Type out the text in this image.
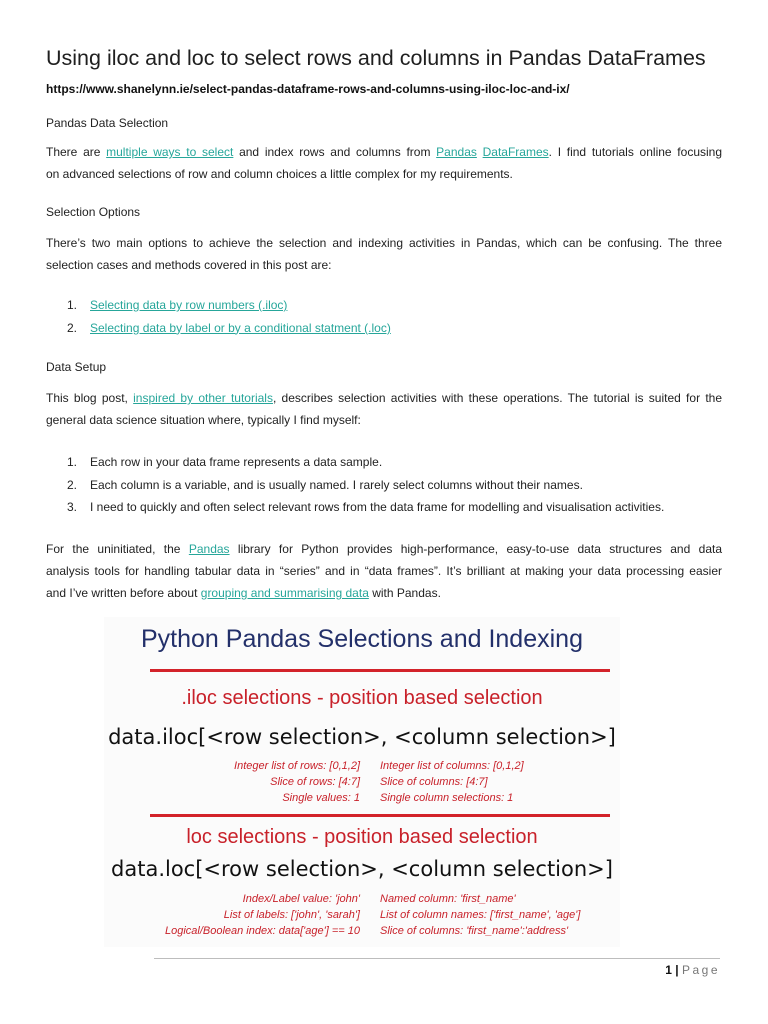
Using iloc and loc to select rows and columns in Pandas DataFrames
https://www.shanelynn.ie/select-pandas-dataframe-rows-and-columns-using-iloc-loc-and-ix/
Pandas Data Selection
There are multiple ways to select and index rows and columns from Pandas DataFrames. I find tutorials online focusing
on advanced selections of row and column choices a little complex for my requirements.
Selection Options
There’s two main options to achieve the selection and indexing activities in Pandas, which can be confusing. The three
selection cases and methods covered in this post are:
1. Selecting data by row numbers (.iloc)
2. Selecting data by label or by a conditional statment (.loc)
Data Setup
This blog post, inspired by other tutorials, describes selection activities with these operations. The tutorial is suited for the
general data science situation where, typically I find myself:
1. Each row in your data frame represents a data sample.
2. Each column is a variable, and is usually named. I rarely select columns without their names.
3. I need to quickly and often select relevant rows from the data frame for modelling and visualisation activities.
For the uninitiated, the Pandas library for Python provides high-performance, easy-to-use data structures and data
analysis tools for handling tabular data in “series” and in “data frames”. It’s brilliant at making your data processing easier
and I’ve written before about grouping and summarising data with Pandas.
Python Pandas Selections and Indexing
.iloc selections - position based selection
data.iloc[<row selection>, <column selection>]
Integer list of rows: [0,1,2]
Slice of rows: [4:7]
Single values: 1
Integer list of columns: [0,1,2]
Slice of columns: [4:7]
Single column selections: 1
loc selections - position based selection
data.loc[<row selection>, <column selection>]
Index/Label value: 'john'
List of labels: ['john', 'sarah']
Logical/Boolean index: data['age'] == 10
Named column: 'first_name'
List of column names: ['first_name', 'age']
Slice of columns: 'first_name':'address'
1 | Page
